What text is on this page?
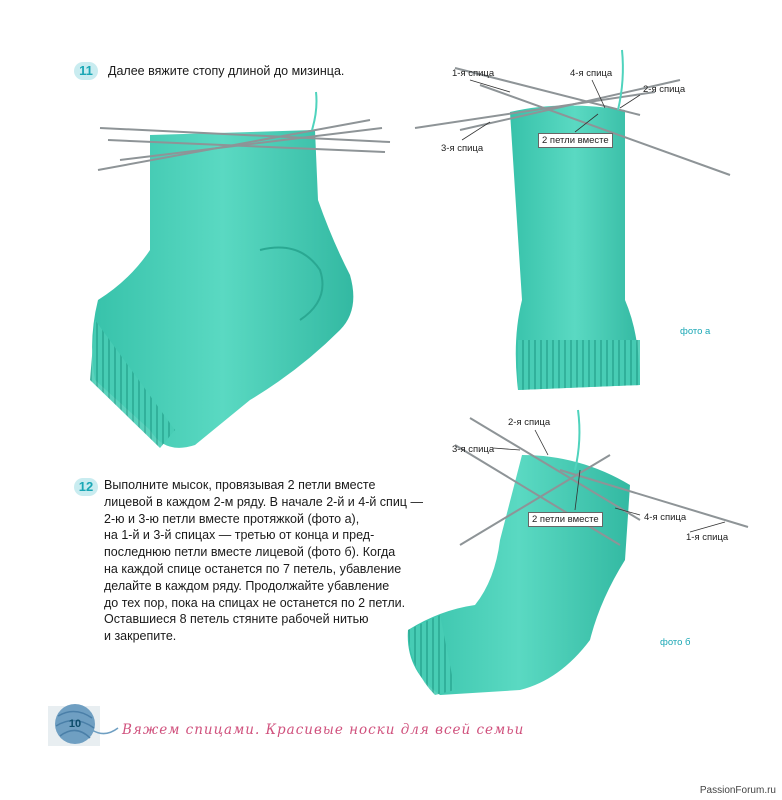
11	Далее вяжите стопу длиной до мизинца.
12 Выполните мысок, провязывая 2 петли вместе
лицевой в каждом 2-м ряду. В начале 2-й и 4-й спиц —
2-ю и 3-ю петли вместе протяжкой (фото а),
на 1-й и 3-й спицах — третью от конца и пред-
последнюю петли вместе лицевой (фото б). Когда
на каждой спице останется по 7 петель, убавление
делайте в каждом ряду. Продолжайте убавление
до тех пор, пока на спицах не останется по 2 петли.
Оставшиеся 8 петель стяните рабочей нитью
и закрепите.
1-я спица	4-я спица
2-я спица
3-я спица
2 петли вместе
фото а
2-я спица
3-я спица
2 петли вместе	4-я спица
1-я спица
фото б
10	Вяжем спицами. Красивые носки для всей семьи
PassionForum.ru
